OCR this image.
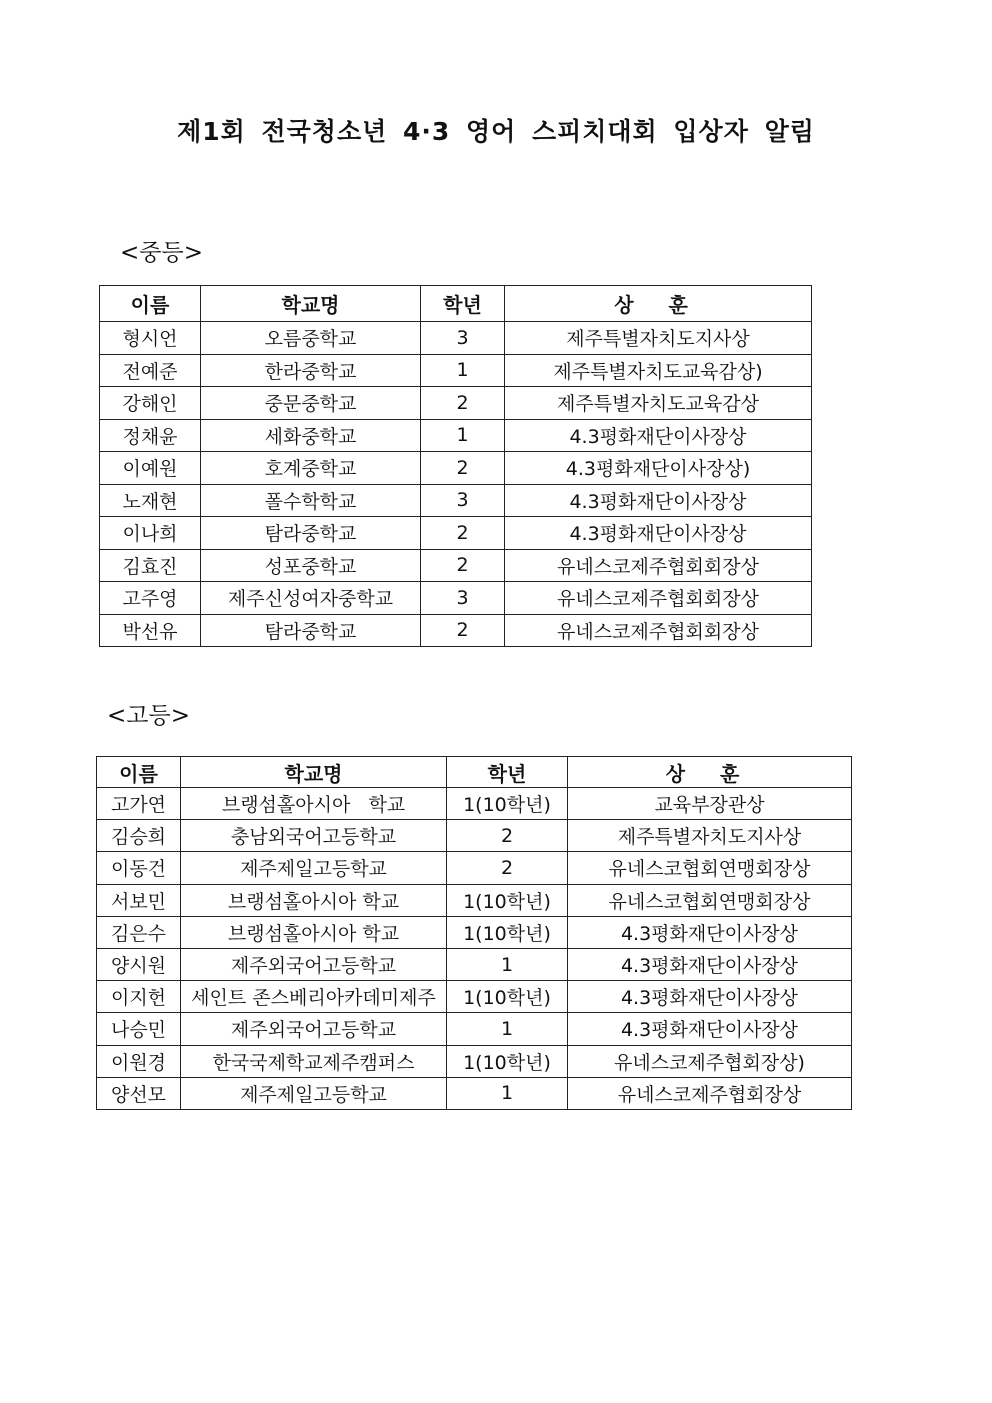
제1회 전국청소년 4·3 영어 스피치대회 입상자 알림
<중등>
이름	학교명	학년	상 훈
형시언	오름중학교	3	제주특별자치도지사상
전예준	한라중학교	1	제주특별자치도교육감상)
강해인	중문중학교	2	제주특별자치도교육감상
정채윤	세화중학교	1	4.3평화재단이사장상
이예원	호계중학교	2	4.3평화재단이사장상)
노재현	폴수학학교	3	4.3평화재단이사장상
이나희	탐라중학교	2	4.3평화재단이사장상
김효진	성포중학교	2	유네스코제주협회회장상
고주영	제주신성여자중학교	3	유네스코제주협회회장상
박선유	탐라중학교	2	유네스코제주협회회장상
<고등>
이름	학교명	학년	상 훈
고가연	브랭섬홀아시아   학교	1(10학년)	교육부장관상
김승희	충남외국어고등학교	2	제주특별자치도지사상
이동건	제주제일고등학교	2	유네스코협회연맹회장상
서보민	브랭섬홀아시아 학교	1(10학년)	유네스코협회연맹회장상
김은수	브랭섬홀아시아 학교	1(10학년)	4.3평화재단이사장상
양시원	제주외국어고등학교	1	4.3평화재단이사장상
이지헌	세인트 존스베리아카데미제주	1(10학년)	4.3평화재단이사장상
나승민	제주외국어고등학교	1	4.3평화재단이사장상
이원경	한국국제학교제주캠퍼스	1(10학년)	유네스코제주협회장상)
양선모	제주제일고등학교	1	유네스코제주협회장상
